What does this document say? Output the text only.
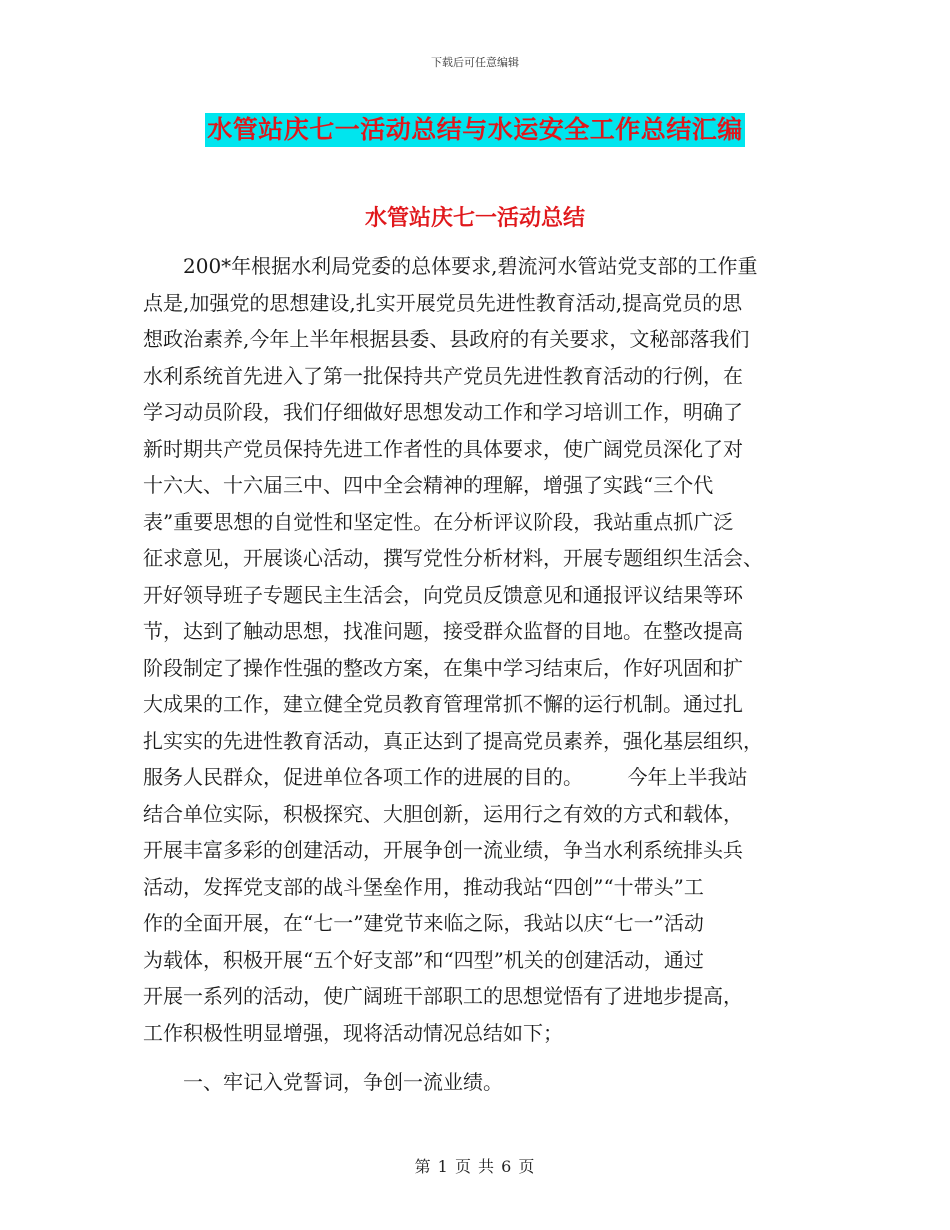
下载后可任意编辑
水管站庆七一活动总结与水运安全工作总结汇编
水管站庆七一活动总结

200*年根据水利局党委的总体要求,碧流河水管站党支部的工作重

点是,加强党的思想建设,扎实开展党员先进性教育活动,提高党员的思

想政治素养,今年上半年根据县委、县政府的有关要求，文秘部落我们

水利系统首先进入了第一批保持共产党员先进性教育活动的行例，在

学习动员阶段，我们仔细做好思想发动工作和学习培训工作，明确了

新时期共产党员保持先进工作者性的具体要求，使广阔党员深化了对

十六大、十六届三中、四中全会精神的理解，增强了实践“三个代

表”重要思想的自觉性和坚定性。在分析评议阶段，我站重点抓广泛

征求意见，开展谈心活动，撰写党性分析材料，开展专题组织生活会、

开好领导班子专题民主生活会，向党员反馈意见和通报评议结果等环

节，达到了触动思想，找准问题，接受群众监督的目地。在整改提高

阶段制定了操作性强的整改方案，在集中学习结束后，作好巩固和扩

大成果的工作，建立健全党员教育管理常抓不懈的运行机制。通过扎

扎实实的先进性教育活动，真正达到了提高党员素养，强化基层组织，

服务人民群众，促进单位各项工作的进展的目的。       今年上半我站

结合单位实际，积极探究、大胆创新，运用行之有效的方式和载体，

开展丰富多彩的创建活动，开展争创一流业绩，争当水利系统排头兵

活动，发挥党支部的战斗堡垒作用，推动我站“四创”“十带头”工

作的全面开展，在“七一”建党节来临之际，我站以庆“七一”活动

为载体，积极开展“五个好支部”和“四型”机关的创建活动，通过

开展一系列的活动，使广阔班干部职工的思想觉悟有了进地步提高，

工作积极性明显增强，现将活动情况总结如下；

一、牢记入党誓词，争创一流业绩。
第 1 页 共 6 页
